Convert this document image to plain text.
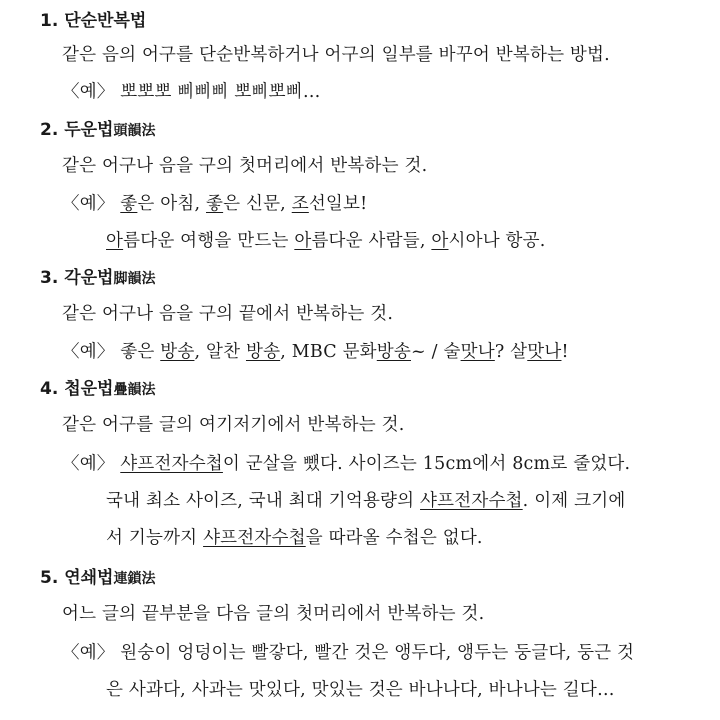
1. 단순반복법
같은 음의 어구를 단순반복하거나 어구의 일부를 바꾸어 반복하는 방법.
〈예〉 뽀뽀뽀 삐삐삐 뽀삐뽀삐…
2. 두운법頭韻法
같은 어구나 음을 구의 첫머리에서 반복하는 것.
〈예〉 좋은 아침, 좋은 신문, 조선일보!
아름다운 여행을 만드는 아름다운 사람들, 아시아나 항공.
3. 각운법脚韻法
같은 어구나 음을 구의 끝에서 반복하는 것.
〈예〉 좋은 방송, 알찬 방송, MBC 문화방송~ / 술맛나? 살맛나!
4. 첩운법疊韻法
같은 어구를 글의 여기저기에서 반복하는 것.
〈예〉 샤프전자수첩이 군살을 뺐다. 사이즈는 15cm에서 8cm로 줄었다.
국내 최소 사이즈, 국내 최대 기억용량의 샤프전자수첩. 이제 크기에
서 기능까지 샤프전자수첩을 따라올 수첩은 없다.
5. 연쇄법連鎖法
어느 글의 끝부분을 다음 글의 첫머리에서 반복하는 것.
〈예〉 원숭이 엉덩이는 빨갛다, 빨간 것은 앵두다, 앵두는 둥글다, 둥근 것
은 사과다, 사과는 맛있다, 맛있는 것은 바나나다, 바나나는 길다…
